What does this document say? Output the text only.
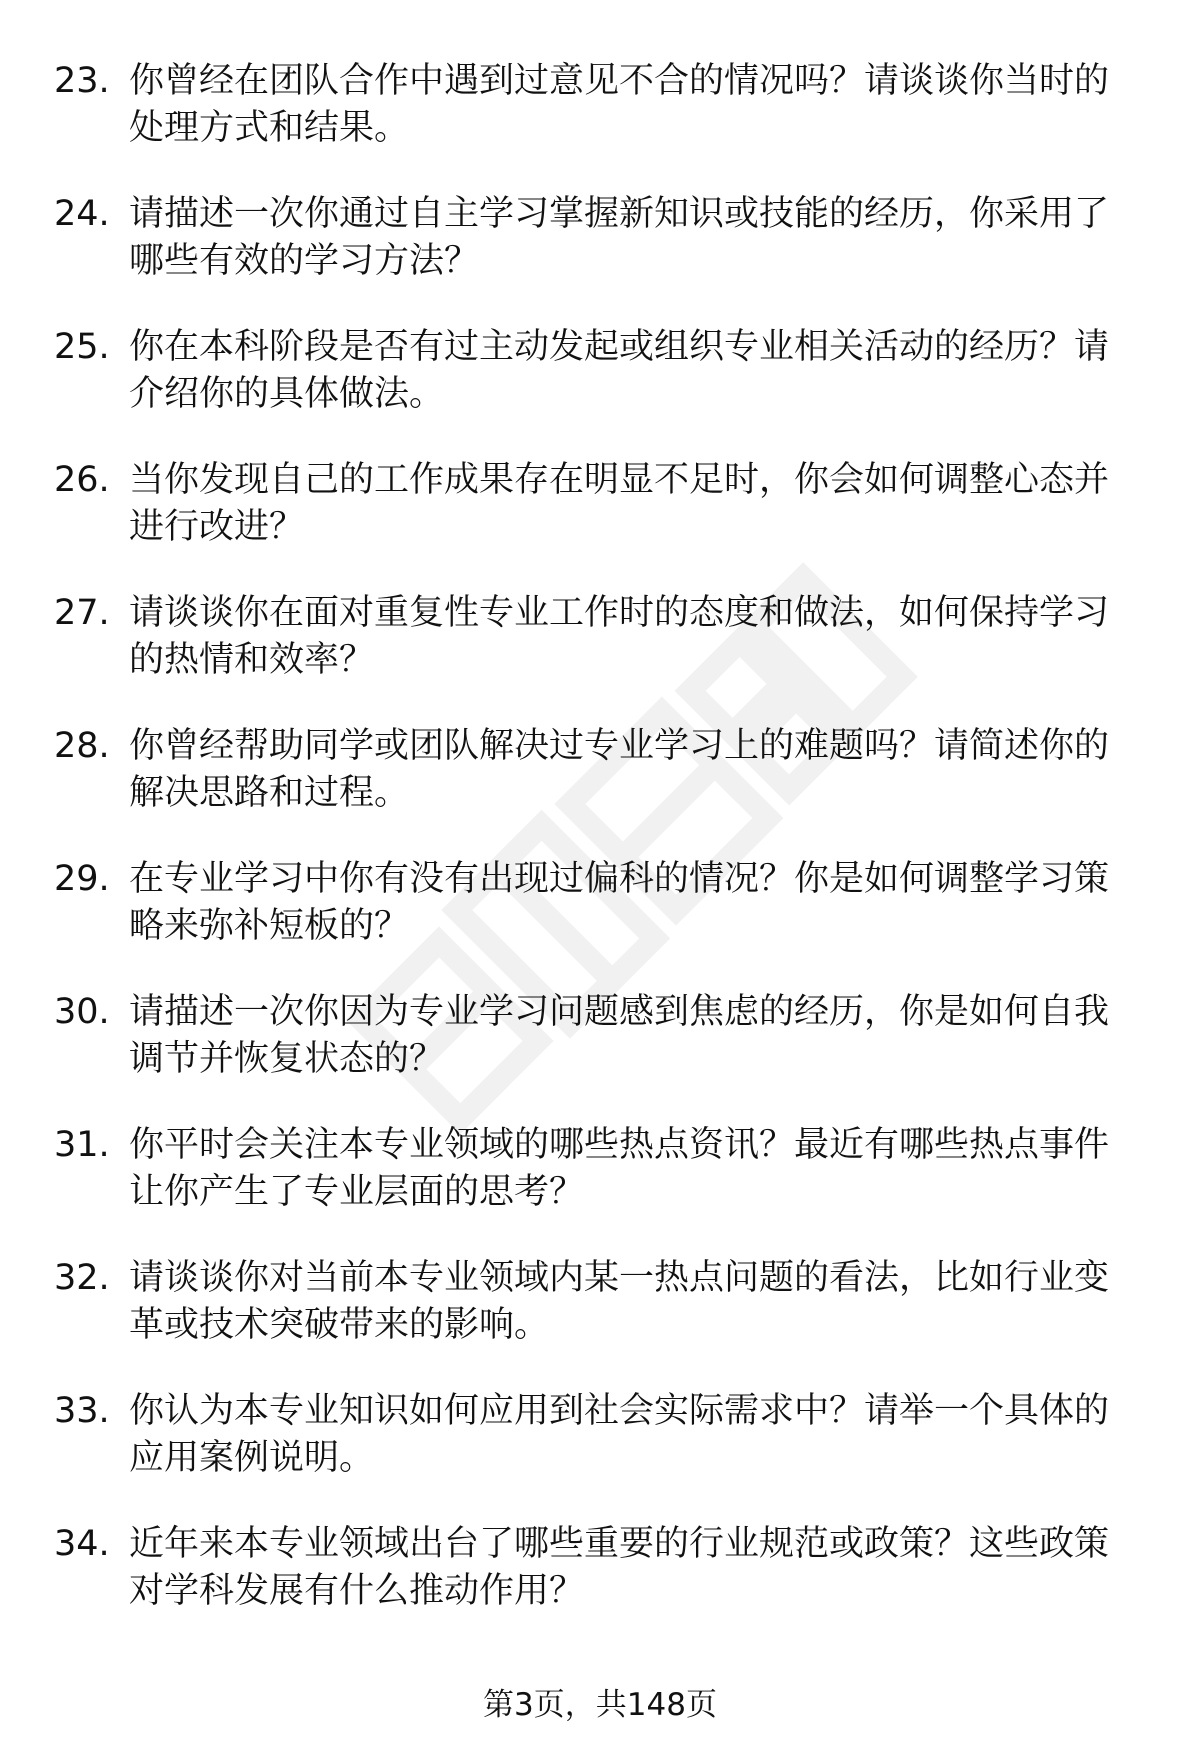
23. 你曾经在团队合作中遇到过意见不合的情况吗？请谈谈你当时的
处理方式和结果。
24. 请描述一次你通过自主学习掌握新知识或技能的经历，你采用了
哪些有效的学习方法？
25. 你在本科阶段是否有过主动发起或组织专业相关活动的经历？请
介绍你的具体做法。
26. 当你发现自己的工作成果存在明显不足时，你会如何调整心态并
进行改进？
27. 请谈谈你在面对重复性专业工作时的态度和做法，如何保持学习
的热情和效率？
28. 你曾经帮助同学或团队解决过专业学习上的难题吗？请简述你的
解决思路和过程。
29. 在专业学习中你有没有出现过偏科的情况？你是如何调整学习策
略来弥补短板的？
30. 请描述一次你因为专业学习问题感到焦虑的经历，你是如何自我
调节并恢复状态的？
31. 你平时会关注本专业领域的哪些热点资讯？最近有哪些热点事件
让你产生了专业层面的思考？
32. 请谈谈你对当前本专业领域内某一热点问题的看法，比如行业变
革或技术突破带来的影响。
33. 你认为本专业知识如何应用到社会实际需求中？请举一个具体的
应用案例说明。
34. 近年来本专业领域出台了哪些重要的行业规范或政策？这些政策
对学科发展有什么推动作用？
第3页，共148页
